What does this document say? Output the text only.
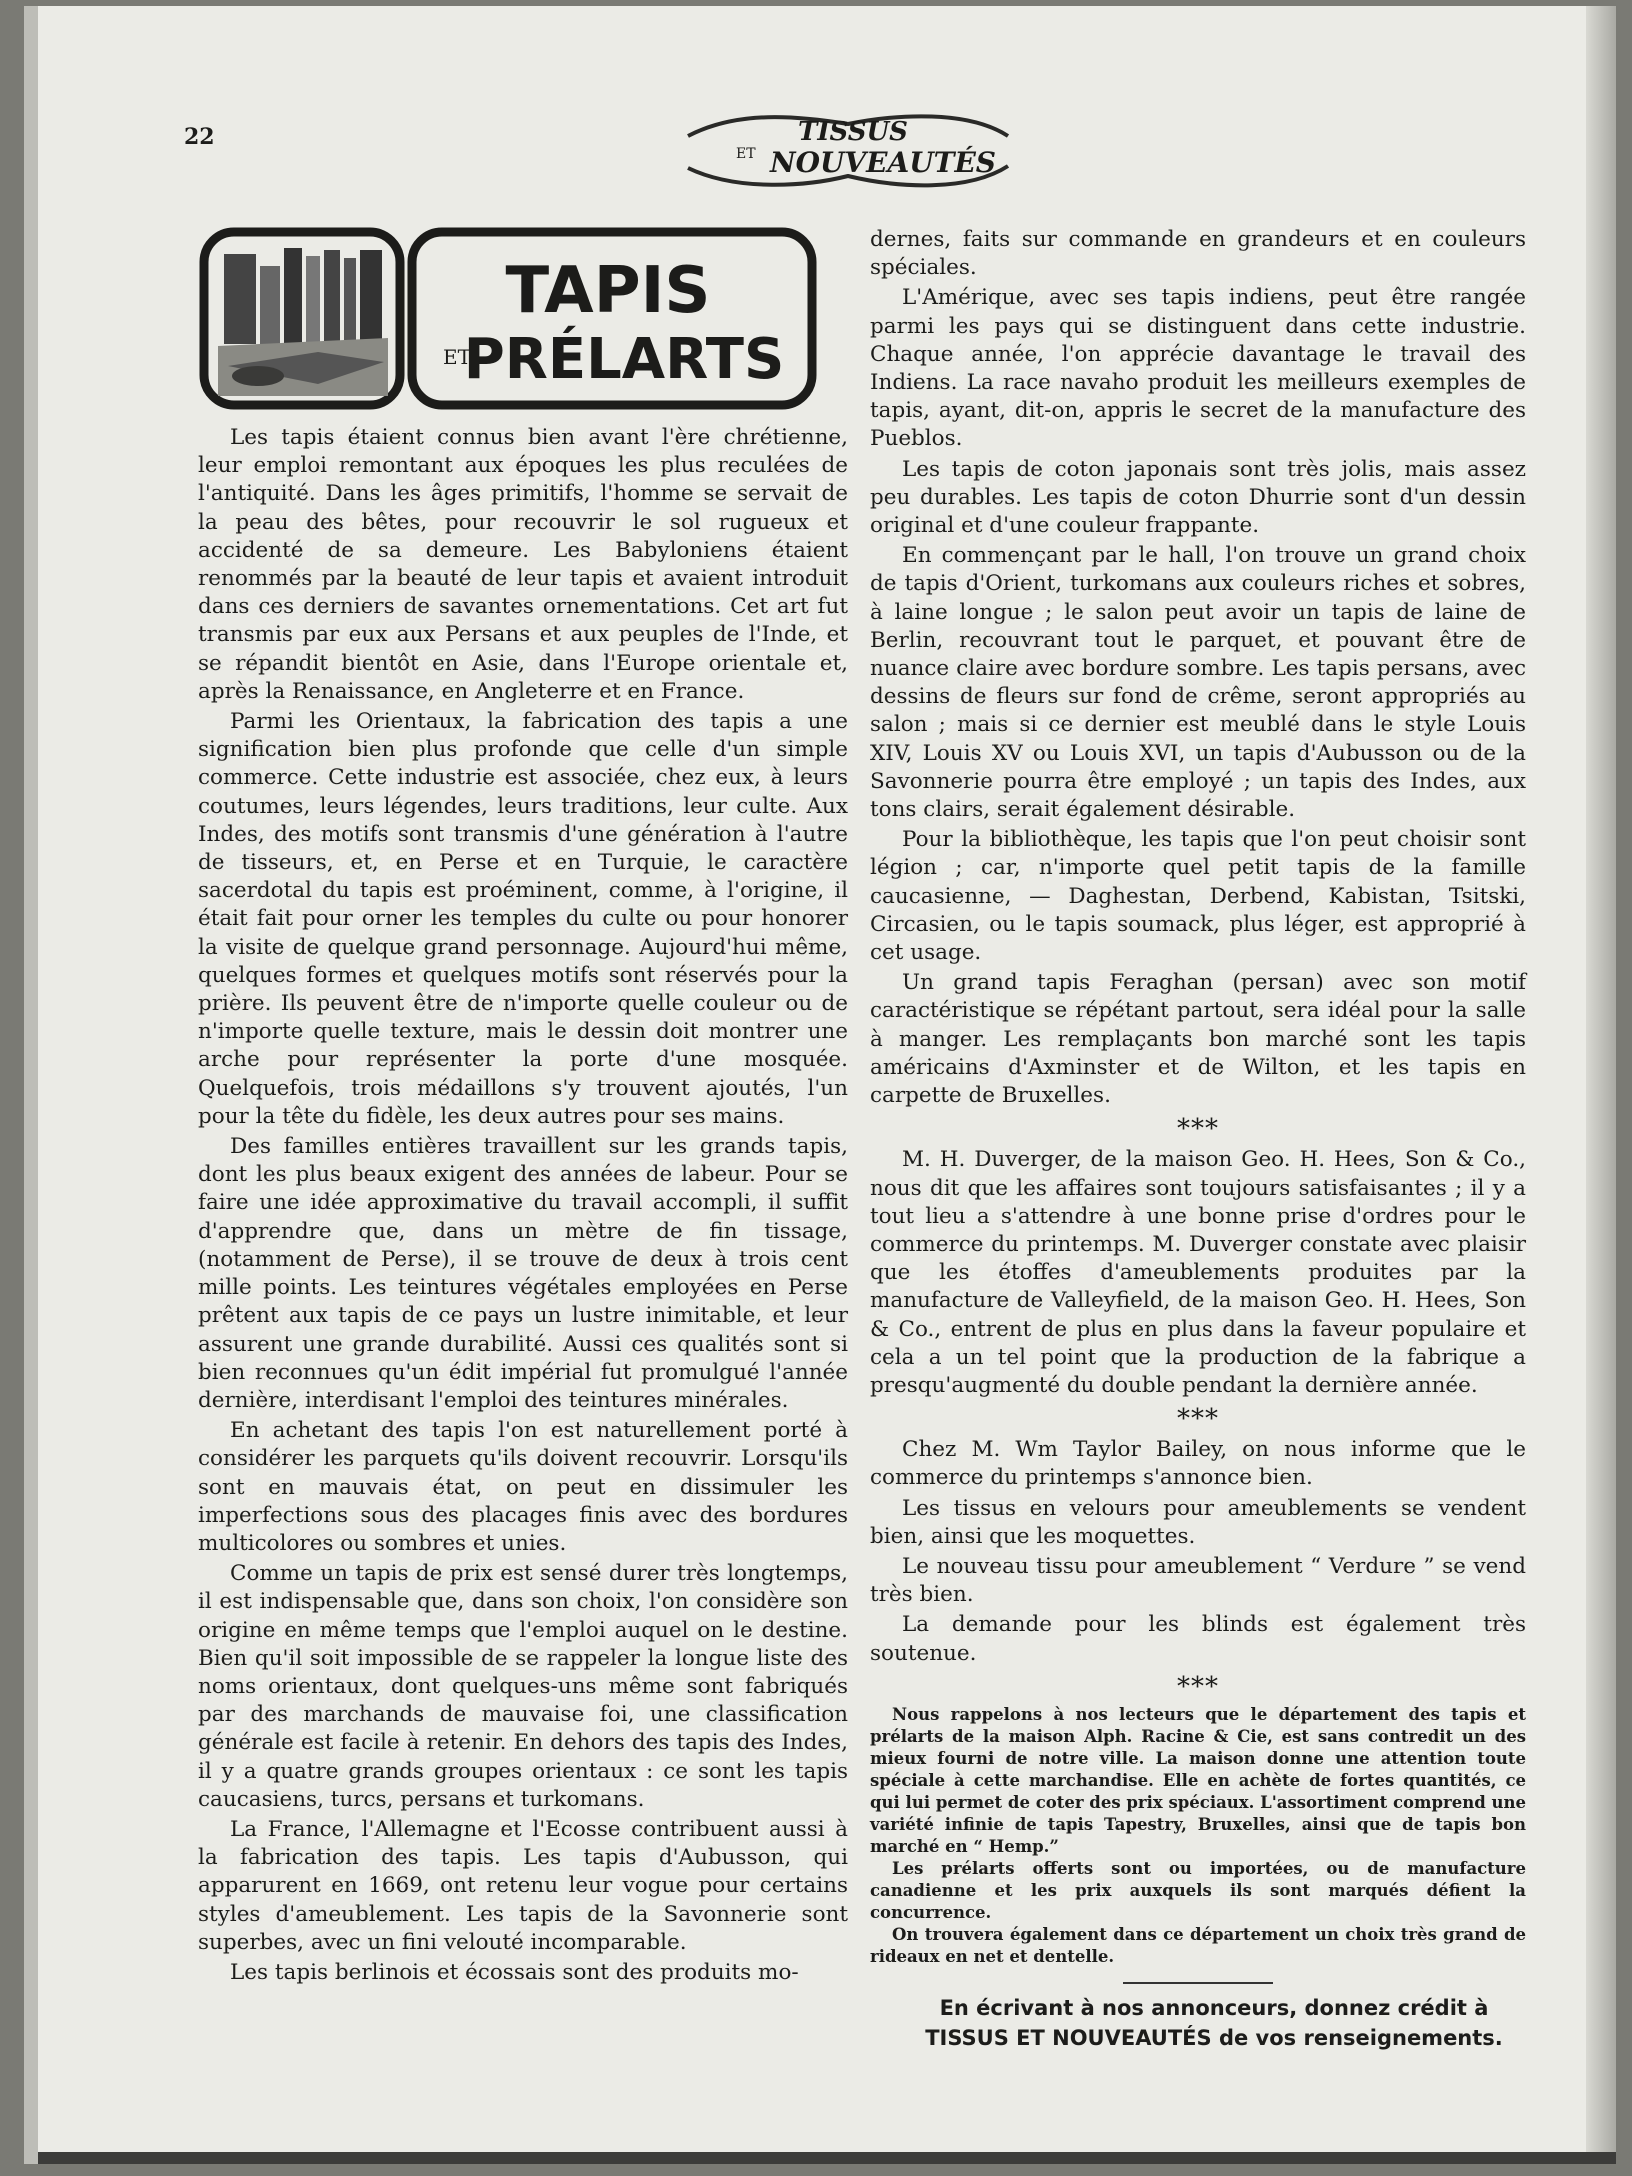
22	TISSUS
ET NOUVEAUTÉS
TAPIS
ET
PRÉLARTS

Les tapis étaient connus bien avant l'ère chrétienne, leur emploi remontant aux époques les plus reculées de l'antiquité. Dans les âges primitifs, l'homme se servait de la peau des bêtes, pour recouvrir le sol rugueux et accidenté de sa demeure. Les Babyloniens étaient renommés par la beauté de leur tapis et avaient introduit dans ces derniers de savantes ornementations. Cet art fut transmis par eux aux Persans et aux peuples de l'Inde, et se répandit bientôt en Asie, dans l'Europe orientale et, après la Renaissance, en Angleterre et en France.

Parmi les Orientaux, la fabrication des tapis a une signification bien plus profonde que celle d'un simple commerce. Cette industrie est associée, chez eux, à leurs coutumes, leurs légendes, leurs traditions, leur culte. Aux Indes, des motifs sont transmis d'une génération à l'autre de tisseurs, et, en Perse et en Turquie, le caractère sacerdotal du tapis est proéminent, comme, à l'origine, il était fait pour orner les temples du culte ou pour honorer la visite de quelque grand personnage. Aujourd'hui même, quelques formes et quelques motifs sont réservés pour la prière. Ils peuvent être de n'importe quelle couleur ou de n'importe quelle texture, mais le dessin doit montrer une arche pour représenter la porte d'une mosquée. Quelquefois, trois médaillons s'y trouvent ajoutés, l'un pour la tête du fidèle, les deux autres pour ses mains.

Des familles entières travaillent sur les grands tapis, dont les plus beaux exigent des années de labeur. Pour se faire une idée approximative du travail accompli, il suffit d'apprendre que, dans un mètre de fin tissage, (notamment de Perse), il se trouve de deux à trois cent mille points. Les teintures végétales employées en Perse prêtent aux tapis de ce pays un lustre inimitable, et leur assurent une grande durabilité. Aussi ces qualités sont si bien reconnues qu'un édit impérial fut promulgué l'année dernière, interdisant l'emploi des teintures minérales.

En achetant des tapis l'on est naturellement porté à considérer les parquets qu'ils doivent recouvrir. Lorsqu'ils sont en mauvais état, on peut en dissimuler les imperfections sous des placages finis avec des bordures multicolores ou sombres et unies.

Comme un tapis de prix est sensé durer très longtemps, il est indispensable que, dans son choix, l'on considère son origine en même temps que l'emploi auquel on le destine. Bien qu'il soit impossible de se rappeler la longue liste des noms orientaux, dont quelques-uns même sont fabriqués par des marchands de mauvaise foi, une classification générale est facile à retenir. En dehors des tapis des Indes, il y a quatre grands groupes orientaux : ce sont les tapis caucasiens, turcs, persans et turkomans.

La France, l'Allemagne et l'Ecosse contribuent aussi à la fabrication des tapis. Les tapis d'Aubusson, qui apparurent en 1669, ont retenu leur vogue pour certains styles d'ameublement. Les tapis de la Savonnerie sont superbes, avec un fini velouté incomparable.

Les tapis berlinois et écossais sont des produits mo-

dernes, faits sur commande en grandeurs et en couleurs spéciales.

L'Amérique, avec ses tapis indiens, peut être rangée parmi les pays qui se distinguent dans cette industrie. Chaque année, l'on apprécie davantage le travail des Indiens. La race navaho produit les meilleurs exemples de tapis, ayant, dit-on, appris le secret de la manufacture des Pueblos.

Les tapis de coton japonais sont très jolis, mais assez peu durables. Les tapis de coton Dhurrie sont d'un dessin original et d'une couleur frappante.

En commençant par le hall, l'on trouve un grand choix de tapis d'Orient, turkomans aux couleurs riches et sobres, à laine longue ; le salon peut avoir un tapis de laine de Berlin, recouvrant tout le parquet, et pouvant être de nuance claire avec bordure sombre. Les tapis persans, avec dessins de fleurs sur fond de crême, seront appropriés au salon ; mais si ce dernier est meublé dans le style Louis XIV, Louis XV ou Louis XVI, un tapis d'Aubusson ou de la Savonnerie pourra être employé ; un tapis des Indes, aux tons clairs, serait également désirable.

Pour la bibliothèque, les tapis que l'on peut choisir sont légion ; car, n'importe quel petit tapis de la famille caucasienne, — Daghestan, Derbend, Kabistan, Tsitski, Circasien, ou le tapis soumack, plus léger, est approprié à cet usage.

Un grand tapis Feraghan (persan) avec son motif caractéristique se répétant partout, sera idéal pour la salle à manger. Les remplaçants bon marché sont les tapis américains d'Axminster et de Wilton, et les tapis en carpette de Bruxelles.

***

M. H. Duverger, de la maison Geo. H. Hees, Son & Co., nous dit que les affaires sont toujours satisfaisantes ; il y a tout lieu a s'attendre à une bonne prise d'ordres pour le commerce du printemps. M. Duverger constate avec plaisir que les étoffes d'ameublements produites par la manufacture de Valleyfield, de la maison Geo. H. Hees, Son & Co., entrent de plus en plus dans la faveur populaire et cela a un tel point que la production de la fabrique a presqu'augmenté du double pendant la dernière année.

***

Chez M. Wm Taylor Bailey, on nous informe que le commerce du printemps s'annonce bien.

Les tissus en velours pour ameublements se vendent bien, ainsi que les moquettes.

Le nouveau tissu pour ameublement “ Verdure ” se vend très bien.

La demande pour les blinds est également très soutenue.

***

Nous rappelons à nos lecteurs que le département des tapis et prélarts de la maison Alph. Racine & Cie, est sans contredit un des mieux fourni de notre ville. La maison donne une attention toute spéciale à cette marchandise. Elle en achète de fortes quantités, ce qui lui permet de coter des prix spéciaux. L'assortiment comprend une variété infinie de tapis Tapestry, Bruxelles, ainsi que de tapis bon marché en “ Hemp.”

Les prélarts offerts sont ou importées, ou de manufacture canadienne et les prix auxquels ils sont marqués défient la concurrence.

On trouvera également dans ce département un choix très grand de rideaux en net et dentelle.

En écrivant à nos annonceurs, donnez crédit à

TISSUS ET NOUVEAUTÉS de vos renseignements.
